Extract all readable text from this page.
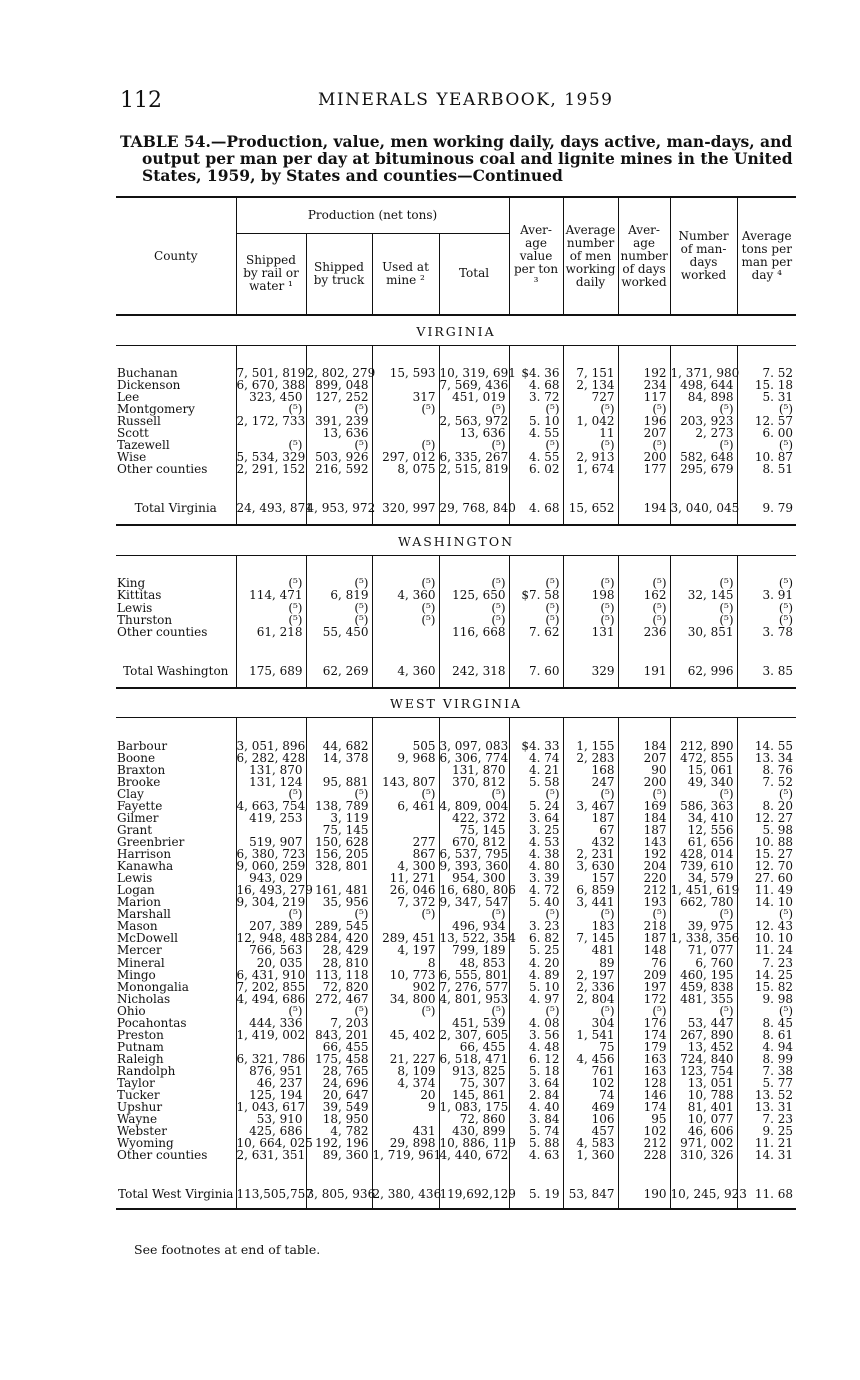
112	MINERALS YEARBOOK, 1959
TABLE 54.—Production, value, men working daily, days active, man-days, and
output per man per day at bituminous coal and lignite mines in the United
States, 1959, by States and counties—Continued
County	Production (net tons)				Average value per ton ³	Average number of men working daily	Average number of days worked	Number of man-days worked	Average tons per man per day ⁴
	Shipped by rail or water ¹	Shipped by truck	Used at mine ²	Total					
VIRGINIA									

Buchanan	7, 501, 819	2, 802, 279	15, 593	10, 319, 691	$4. 36	7, 151	192	1, 371, 980	7. 52
Dickenson	6, 670, 388	899, 048		7, 569, 436	4. 68	2, 134	234	498, 644	15. 18
Lee	323, 450	127, 252	317	451, 019	3. 72	727	117	84, 898	5. 31
Montgomery	(⁵)	(⁵)	(⁵)	(⁵)	(⁵)	(⁵)	(⁵)	(⁵)	(⁵)
Russell	2, 172, 733	391, 239		2, 563, 972	5. 10	1, 042	196	203, 923	12. 57
Scott		13, 636		13, 636	4. 55	11	207	2, 273	6. 00
Tazewell	(⁵)	(⁵)	(⁵)	(⁵)	(⁵)	(⁵)	(⁵)	(⁵)	(⁵)
Wise	5, 534, 329	503, 926	297, 012	6, 335, 267	4. 55	2, 913	200	582, 648	10. 87
Other counties	2, 291, 152	216, 592	8, 075	2, 515, 819	6. 02	1, 674	177	295, 679	8. 51
Total Virginia	24, 493, 871	4, 953, 972	320, 997	29, 768, 840	4. 68	15, 652	194	3, 040, 045	9. 79

WASHINGTON									

King	(⁵)	(⁵)	(⁵)	(⁵)	(⁵)	(⁵)	(⁵)	(⁵)	(⁵)
Kittitas	114, 471	6, 819	4, 360	125, 650	$7. 58	198	162	32, 145	3. 91
Lewis	(⁵)	(⁵)	(⁵)	(⁵)	(⁵)	(⁵)	(⁵)	(⁵)	(⁵)
Thurston	(⁵)	(⁵)	(⁵)	(⁵)	(⁵)	(⁵)	(⁵)	(⁵)	(⁵)
Other counties	61, 218	55, 450		116, 668	7. 62	131	236	30, 851	3. 78
Total Washington	175, 689	62, 269	4, 360	242, 318	7. 60	329	191	62, 996	3. 85

WEST VIRGINIA									

Barbour	3, 051, 896	44, 682	505	3, 097, 083	$4. 33	1, 155	184	212, 890	14. 55
Boone	6, 282, 428	14, 378	9, 968	6, 306, 774	4. 74	2, 283	207	472, 855	13. 34
Braxton	131, 870			131, 870	4. 21	168	90	15, 061	8. 76
Brooke	131, 124	95, 881	143, 807	370, 812	5. 58	247	200	49, 340	7. 52
Clay	(⁵)	(⁵)	(⁵)	(⁵)	(⁵)	(⁵)	(⁵)	(⁵)	(⁵)
Fayette	4, 663, 754	138, 789	6, 461	4, 809, 004	5. 24	3, 467	169	586, 363	8. 20
Gilmer	419, 253	3, 119		422, 372	3. 64	187	184	34, 410	12. 27
Grant		75, 145		75, 145	3. 25	67	187	12, 556	5. 98
Greenbrier	519, 907	150, 628	277	670, 812	4. 53	432	143	61, 656	10. 88
Harrison	6, 380, 723	156, 205	867	6, 537, 795	4. 38	2, 231	192	428, 014	15. 27
Kanawha	9, 060, 259	328, 801	4, 300	9, 393, 360	4. 80	3, 630	204	739, 610	12. 70
Lewis	943, 029		11, 271	954, 300	3. 39	157	220	34, 579	27. 60
Logan	16, 493, 279	161, 481	26, 046	16, 680, 806	4. 72	6, 859	212	1, 451, 619	11. 49
Marion	9, 304, 219	35, 956	7, 372	9, 347, 547	5. 40	3, 441	193	662, 780	14. 10
Marshall	(⁵)	(⁵)	(⁵)	(⁵)	(⁵)	(⁵)	(⁵)	(⁵)	(⁵)
Mason	207, 389	289, 545		496, 934	3. 23	183	218	39, 975	12. 43
McDowell	12, 948, 483	284, 420	289, 451	13, 522, 354	6. 82	7, 145	187	1, 338, 356	10. 10
Mercer	766, 563	28, 429	4, 197	799, 189	5. 25	481	148	71, 077	11. 24
Mineral	20, 035	28, 810	8	48, 853	4. 20	89	76	6, 760	7. 23
Mingo	6, 431, 910	113, 118	10, 773	6, 555, 801	4. 89	2, 197	209	460, 195	14. 25
Monongalia	7, 202, 855	72, 820	902	7, 276, 577	5. 10	2, 336	197	459, 838	15. 82
Nicholas	4, 494, 686	272, 467	34, 800	4, 801, 953	4. 97	2, 804	172	481, 355	9. 98
Ohio	(⁵)	(⁵)	(⁵)	(⁵)	(⁵)	(⁵)	(⁵)	(⁵)	(⁵)
Pocahontas	444, 336	7, 203		451, 539	4. 08	304	176	53, 447	8. 45
Preston	1, 419, 002	843, 201	45, 402	2, 307, 605	3. 56	1, 541	174	267, 890	8. 61
Putnam		66, 455		66, 455	4. 48	75	179	13, 452	4. 94
Raleigh	6, 321, 786	175, 458	21, 227	6, 518, 471	6. 12	4, 456	163	724, 840	8. 99
Randolph	876, 951	28, 765	8, 109	913, 825	5. 18	761	163	123, 754	7. 38
Taylor	46, 237	24, 696	4, 374	75, 307	3. 64	102	128	13, 051	5. 77
Tucker	125, 194	20, 647	20	145, 861	2. 84	74	146	10, 788	13. 52
Upshur	1, 043, 617	39, 549	9	1, 083, 175	4. 40	469	174	81, 401	13. 31
Wayne	53, 910	18, 950		72, 860	3. 84	106	95	10, 077	7. 23
Webster	425, 686	4, 782	431	430, 899	5. 74	457	102	46, 606	9. 25
Wyoming	10, 664, 025	192, 196	29, 898	10, 886, 119	5. 88	4, 583	212	971, 002	11. 21
Other counties	2, 631, 351	89, 360	1, 719, 961	4, 440, 672	4. 63	1, 360	228	310, 326	14. 31
Total West Virginia	113,505,757	3, 805, 936	2, 380, 436	119,692,129	5. 19	53, 847	190	10, 245, 923	11. 68

See footnotes at end of table.
